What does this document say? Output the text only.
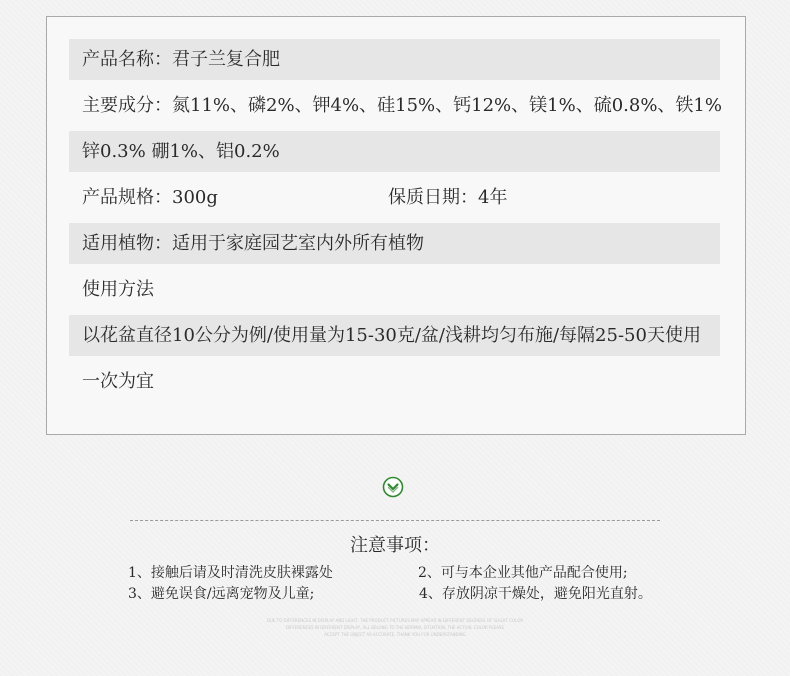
产品名称：君子兰复合肥
主要成分：氮11%、磷2%、钾4%、硅15%、钙12%、镁1%、硫0.8%、铁1%
锌0.3% 硼1%、铝0.2%
产品规格：300g	保质日期：4年
适用植物：适用于家庭园艺室内外所有植物
使用方法
以花盆直径10公分为例/使用量为15-30克/盆/浅耕均匀布施/每隔25-50天使用
一次为宜
注意事项：
1、接触后请及时清洗皮肤裸露处	2、可与本企业其他产品配合使用;
3、避免误食/远离宠物及儿童;	4、存放阴凉干燥处，避免阳光直射。
DUE TO DIFFERENCES IN DISPLAY AND LIGHT, THE PRODUCT PICTURES MAY APPEAR IN DIFFERENT DEGREES OF SLIGHT COLOR
DIFFERENCES IN DIFFERENT DISPLAY, ALL BELONG TO THE NORMAL SITUATION, THE ACTUAL COLOR PLEASE
ACCEPT THE OBJECT AS ACCURATE, THANK YOU FOR UNDERSTANDING
